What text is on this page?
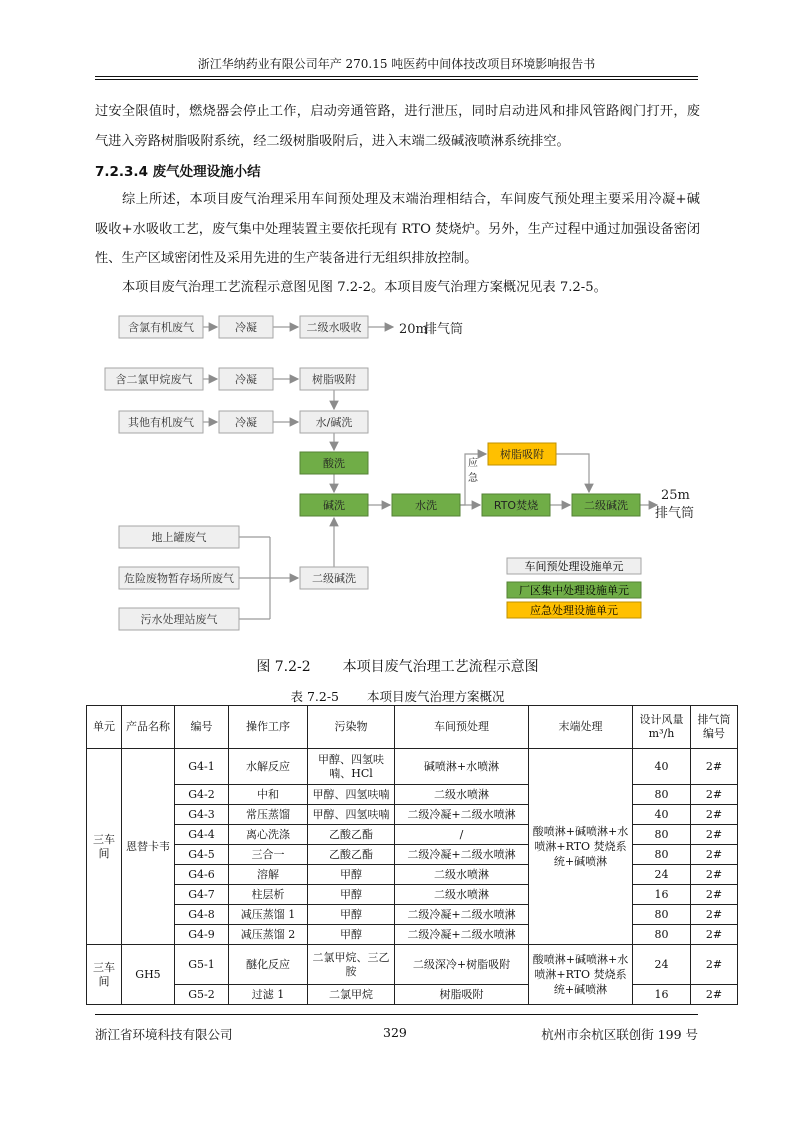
浙江华纳药业有限公司年产 270.15 吨医药中间体技改项目环境影响报告书

过安全限值时，燃烧器会停止工作，启动旁通管路，进行泄压，同时启动进风和排风管路阀门打开，废气进入旁路树脂吸附系统，经二级树脂吸附后，进入末端二级碱液喷淋系统排空。

7.2.3.4 废气处理设施小结

综上所述，本项目废气治理采用车间预处理及末端治理相结合，车间废气预处理主要采用冷凝+碱吸收+水吸收工艺，废气集中处理装置主要依托现有 RTO 焚烧炉。另外，生产过程中通过加强设备密闭性、生产区域密闭性及采用先进的生产装备进行无组织排放控制。

本项目废气治理工艺流程示意图见图 7.2-2。本项目废气治理方案概况见表 7.2-5。

含氯有机废气	冷凝	二级水吸收
含二氯甲烷废气	冷凝	树脂吸附
其他有机废气	冷凝	水/碱洗
酸洗
碱洗	水洗	RTO焚烧	二级碱洗
树脂吸附
地上罐废气
危险废物暂存场所废气
污水处理站废气
二级碱洗
车间预处理设施单元
厂区集中处理设施单元
应急处理设施单元
20m
排气筒
25m
排气筒
应
急
图 7.2-2 本项目废气治理工艺流程示意图
表 7.2-5 本项目废气治理方案概况
单元	产品名称	编号	操作工序	污染物	车间预处理	末端处理	设计风量
m³/h	排气筒
编号
三车间	恩替卡韦	G4-1	水解反应	甲醇、四氢呋喃、HCl	碱喷淋+水喷淋	酸喷淋+碱喷淋+水喷淋+RTO 焚烧系统+碱喷淋	40	2#
		G4-2	中和	甲醇、四氢呋喃	二级水喷淋		80	2#
		G4-3	常压蒸馏	甲醇、四氢呋喃	二级冷凝+二级水喷淋		40	2#
		G4-4	离心洗涤	乙酸乙酯	/		80	2#
		G4-5	三合一	乙酸乙酯	二级冷凝+二级水喷淋		80	2#
		G4-6	溶解	甲醇	二级水喷淋		24	2#
		G4-7	柱层析	甲醇	二级水喷淋		16	2#
		G4-8	减压蒸馏 1	甲醇	二级冷凝+二级水喷淋		80	2#
		G4-9	减压蒸馏 2	甲醇	二级冷凝+二级水喷淋		80	2#
三车间	GH5	G5-1	醚化反应	二氯甲烷、三乙胺	二级深冷+树脂吸附	酸喷淋+碱喷淋+水喷淋+RTO 焚烧系统+碱喷淋	24	2#
		G5-2	过滤 1	二氯甲烷	树脂吸附		16	2#
浙江省环境科技有限公司	329	杭州市余杭区联创街 199 号
